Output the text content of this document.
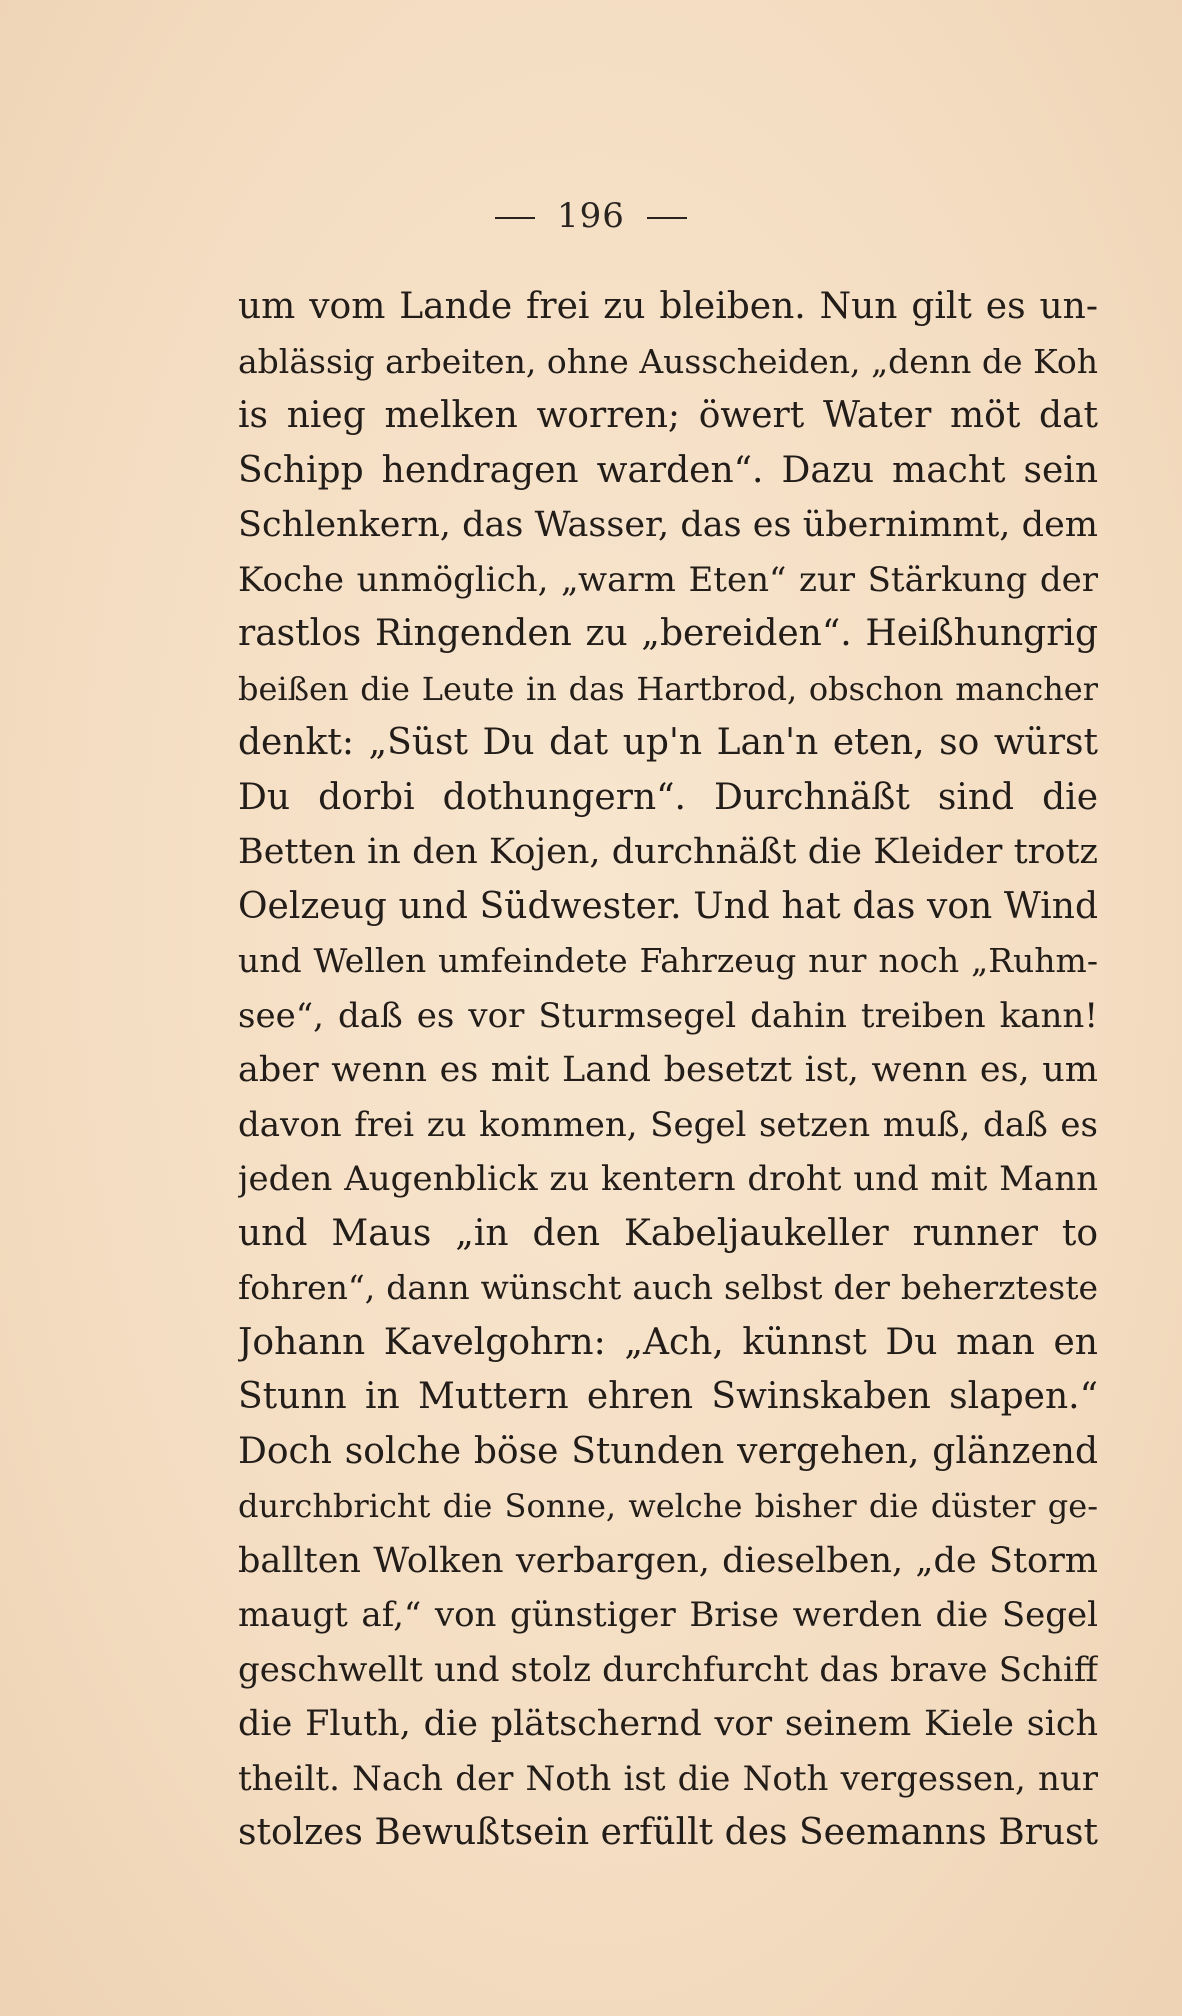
196
um vom Lande frei zu bleiben. Nun gilt es un-
ablässig arbeiten, ohne Ausscheiden, „denn de Koh
is nieg melken worren; öwert Water möt dat
Schipp hendragen warden“. Dazu macht sein
Schlenkern, das Wasser, das es übernimmt, dem
Koche unmöglich, „warm Eten“ zur Stärkung der
rastlos Ringenden zu „bereiden“. Heißhungrig
beißen die Leute in das Hartbrod, obschon mancher
denkt: „Süst Du dat up'n Lan'n eten, so würst
Du dorbi dothungern“. Durchnäßt sind die
Betten in den Kojen, durchnäßt die Kleider trotz
Oelzeug und Südwester. Und hat das von Wind
und Wellen umfeindete Fahrzeug nur noch „Ruhm-
see“, daß es vor Sturmsegel dahin treiben kann!
aber wenn es mit Land besetzt ist, wenn es, um
davon frei zu kommen, Segel setzen muß, daß es
jeden Augenblick zu kentern droht und mit Mann
und Maus „in den Kabeljaukeller runner to
fohren“, dann wünscht auch selbst der beherzteste
Johann Kavelgohrn: „Ach, künnst Du man en
Stunn in Muttern ehren Swinskaben slapen.“
Doch solche böse Stunden vergehen, glänzend
durchbricht die Sonne, welche bisher die düster ge-
ballten Wolken verbargen, dieselben, „de Storm
maugt af,“ von günstiger Brise werden die Segel
geschwellt und stolz durchfurcht das brave Schiff
die Fluth, die plätschernd vor seinem Kiele sich
theilt. Nach der Noth ist die Noth vergessen, nur
stolzes Bewußtsein erfüllt des Seemanns Brust
